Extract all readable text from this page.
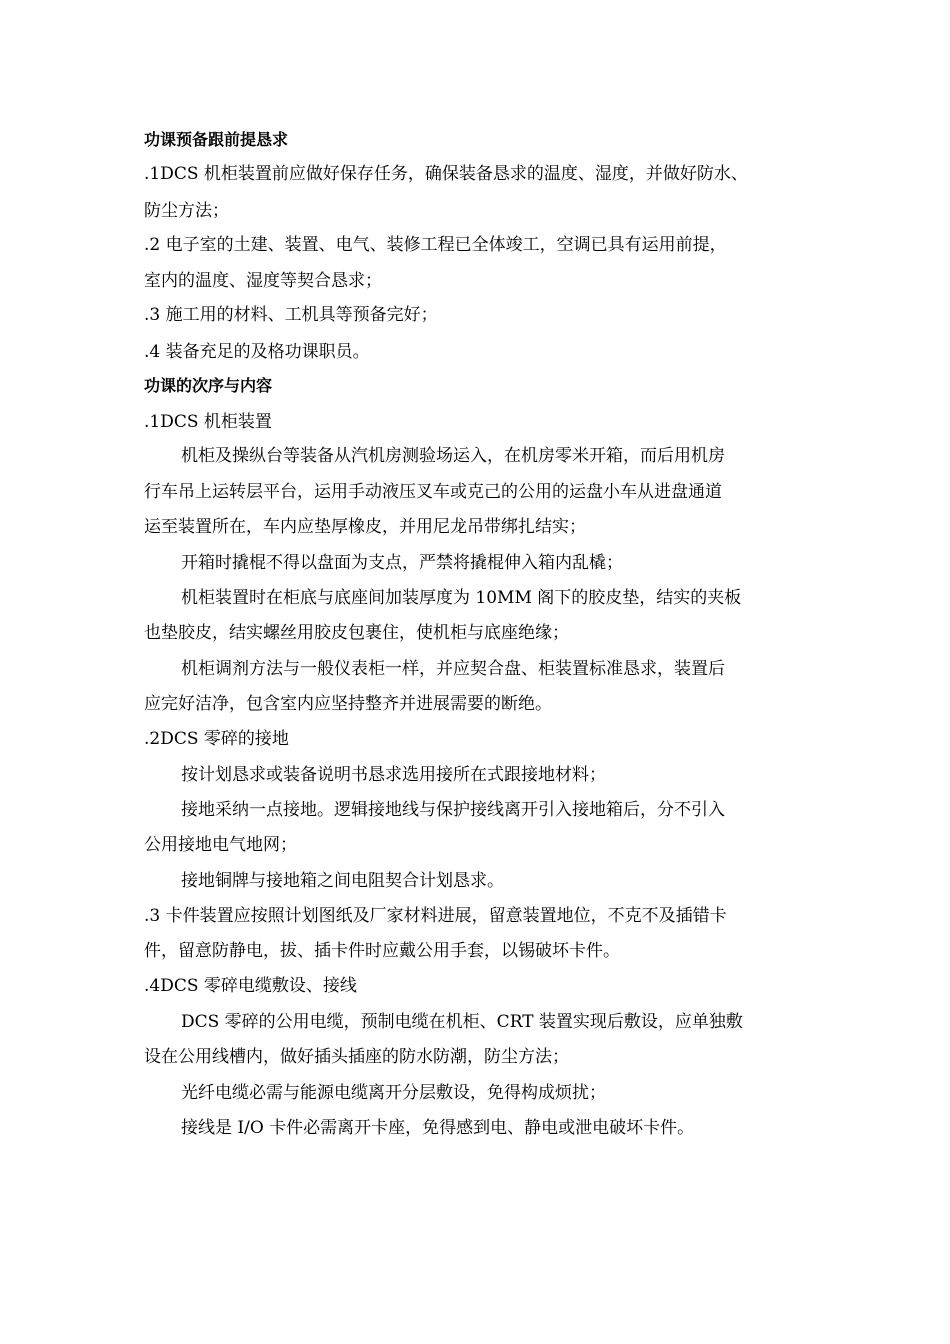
功课预备跟前提恳求
.1DCS 机柜装置前应做好保存任务，确保装备恳求的温度、湿度，并做好防水、
防尘方法；
.2 电子室的土建、装置、电气、装修工程已全体竣工，空调已具有运用前提，
室内的温度、湿度等契合恳求；
.3 施工用的材料、工机具等预备完好；
.4 装备充足的及格功课职员。
功课的次序与内容
.1DCS 机柜装置
机柜及操纵台等装备从汽机房测验场运入，在机房零米开箱，而后用机房
行车吊上运转层平台，运用手动液压叉车或克己的公用的运盘小车从进盘通道
运至装置所在，车内应垫厚橡皮，并用尼龙吊带绑扎结实；
开箱时撬棍不得以盘面为支点，严禁将撬棍伸入箱内乱橇；
机柜装置时在柜底与底座间加装厚度为 10MM 阁下的胶皮垫，结实的夹板
也垫胶皮，结实螺丝用胶皮包裹住，使机柜与底座绝缘；
机柜调剂方法与一般仪表柜一样，并应契合盘、柜装置标准恳求，装置后
应完好洁净，包含室内应坚持整齐并进展需要的断绝。
.2DCS 零碎的接地
按计划恳求或装备说明书恳求选用接所在式跟接地材料；
接地采纳一点接地。逻辑接地线与保护接线离开引入接地箱后，分不引入
公用接地电气地网；
接地铜牌与接地箱之间电阻契合计划恳求。
.3 卡件装置应按照计划图纸及厂家材料进展，留意装置地位，不克不及插错卡
件，留意防静电，拔、插卡件时应戴公用手套，以锡破坏卡件。
.4DCS 零碎电缆敷设、接线
DCS 零碎的公用电缆，预制电缆在机柜、CRT 装置实现后敷设，应单独敷
设在公用线槽内，做好插头插座的防水防潮，防尘方法；
光纤电缆必需与能源电缆离开分层敷设，免得构成烦扰；
接线是 I/O 卡件必需离开卡座，免得感到电、静电或泄电破坏卡件。
